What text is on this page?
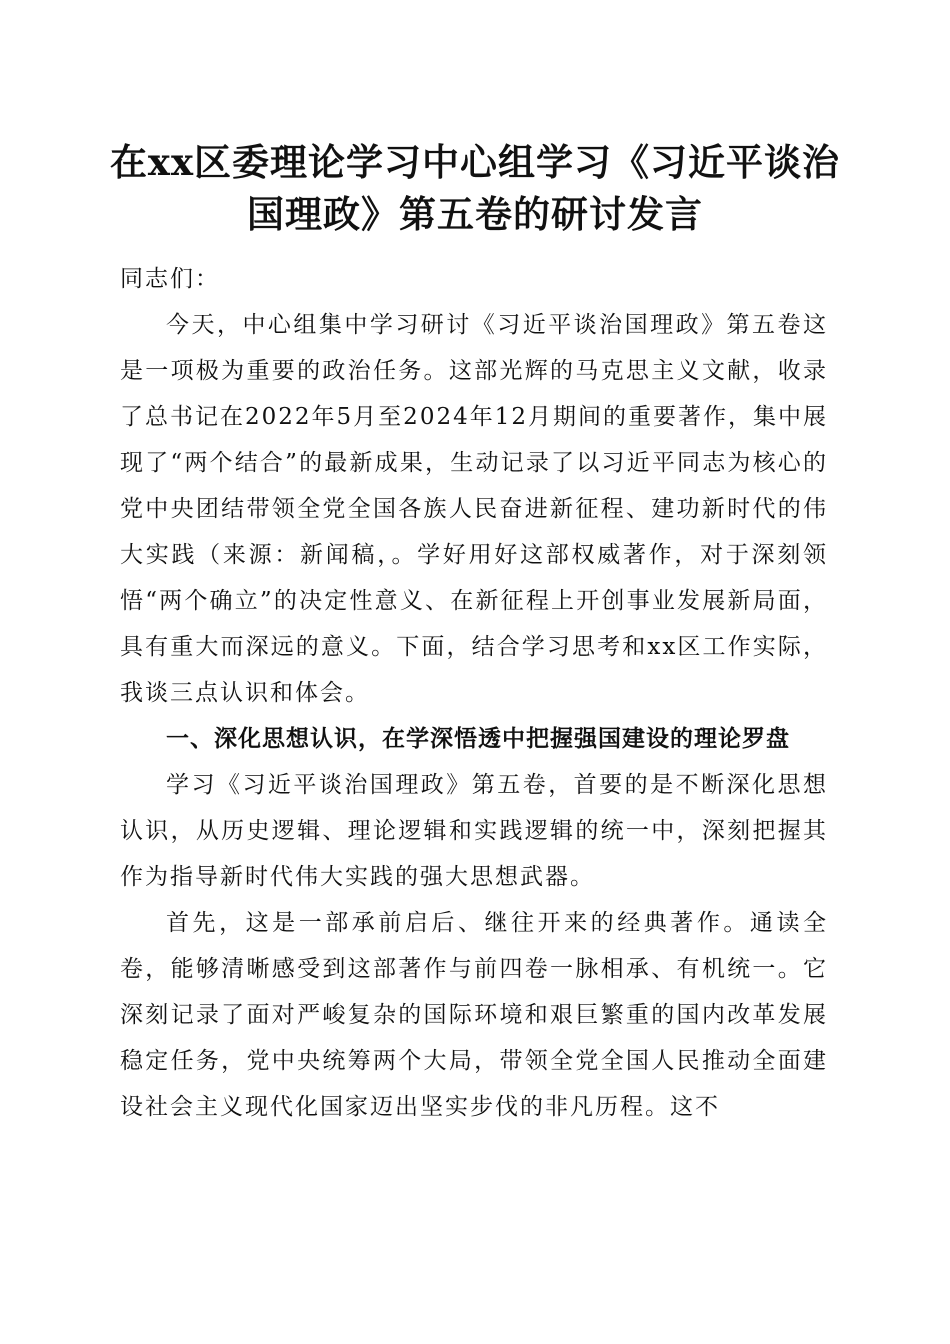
在xx区委理论学习中心组学习《习近平谈治国理政》第五卷的研讨发言

同志们：

今天，中心组集中学习研讨《习近平谈治国理政》第五卷这是一项极为重要的政治任务。这部光辉的马克思主义文献，收录了总书记在2022年5月至2024年12月期间的重要著作，集中展现了“两个结合”的最新成果，生动记录了以习近平同志为核心的党中央团结带领全党全国各族人民奋进新征程、建功新时代的伟大实践（来源：新闻稿，。学好用好这部权威著作，对于深刻领悟“两个确立”的决定性意义、在新征程上开创事业发展新局面，具有重大而深远的意义。下面，结合学习思考和xx区工作实际，我谈三点认识和体会。

一、深化思想认识，在学深悟透中把握强国建设的理论罗盘

学习《习近平谈治国理政》第五卷，首要的是不断深化思想认识，从历史逻辑、理论逻辑和实践逻辑的统一中，深刻把握其作为指导新时代伟大实践的强大思想武器。

首先，这是一部承前启后、继往开来的经典著作。通读全卷，能够清晰感受到这部著作与前四卷一脉相承、有机统一。它深刻记录了面对严峻复杂的国际环境和艰巨繁重的国内改革发展稳定任务，党中央统筹两个大局，带领全党全国人民推动全面建设社会主义现代化国家迈出坚实步伐的非凡历程。这不
